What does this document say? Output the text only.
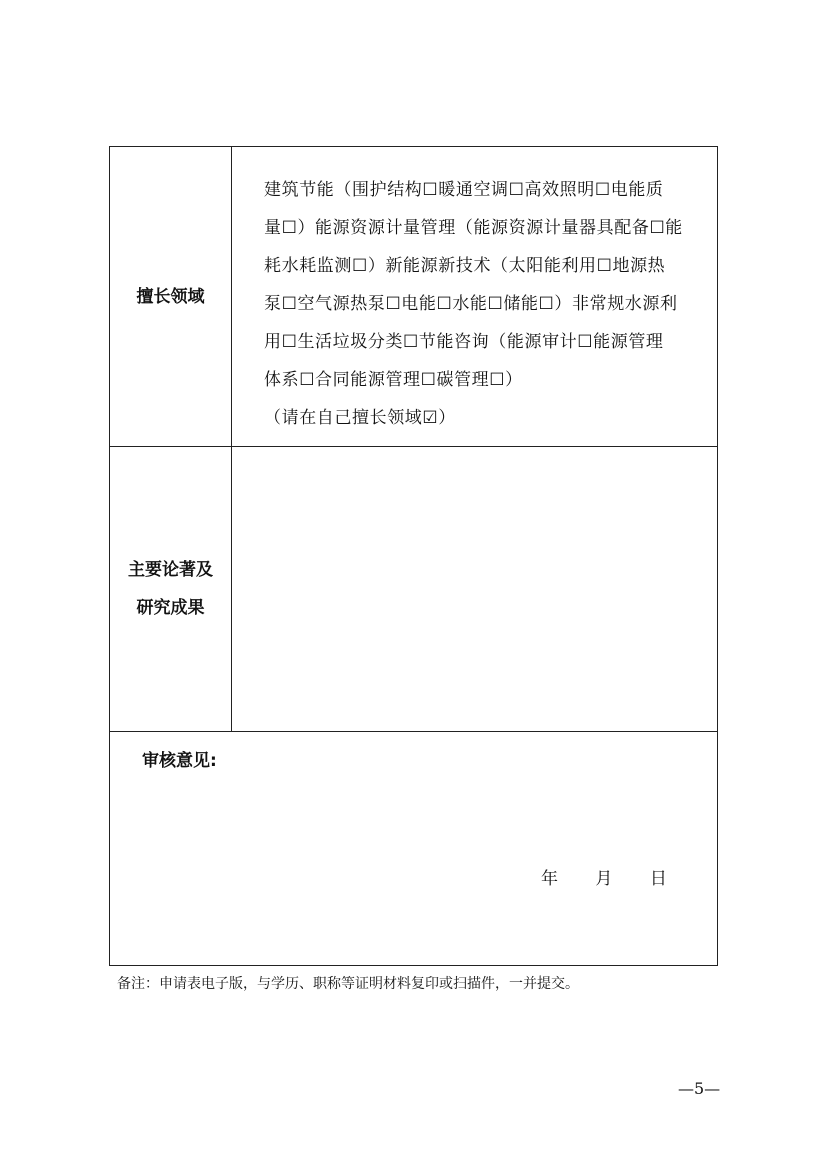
擅长领域
建筑节能（围护结构☐暖通空调☐高效照明☐电能质
量☐）能源资源计量管理（能源资源计量器具配备☐能
耗水耗监测☐）新能源新技术（太阳能利用☐地源热
泵☐空气源热泵☐电能☐水能☐储能☐）非常规水源利
用☐生活垃圾分类☐节能咨询（能源审计☐能源管理
体系☐合同能源管理☐碳管理☐）
（请在自己擅长领域☑）
主要论著及
研究成果
审核意见:
年 月 日
备注：申请表电子版，与学历、职称等证明材料复印或扫描件，一并提交。
—5—
